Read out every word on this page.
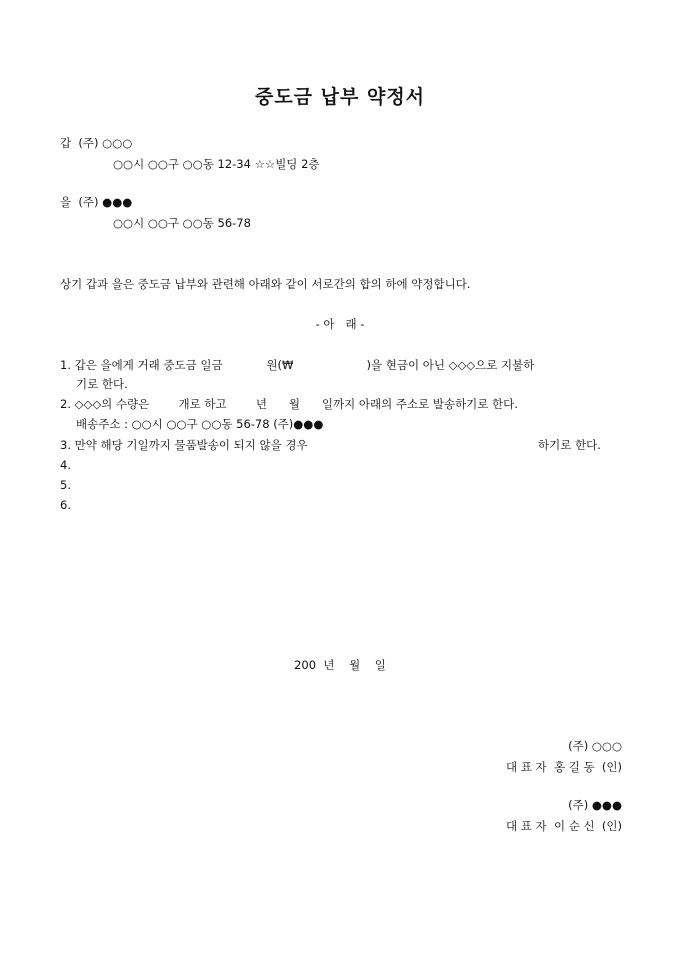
중도금 납부 약정서
갑  (주) ○○○
○○시 ○○구 ○○동 12-34 ☆☆빌딩 2층
을  (주) ●●●
○○시 ○○구 ○○동 56-78
상기 갑과 을은 중도금 납부와 관련해 아래와 같이 서로간의 합의 하에 약정합니다.
- 아   래 -
1. 갑은 을에게 거래 중도금 일금            원(₩                    )을 현금이 아닌 ◇◇◇으로 지불하
기로 한다.
2. ◇◇◇의 수량은        개로 하고        년      월      일까지 아래의 주소로 발송하기로 한다.
배송주소 : ○○시 ○○구 ○○동 56-78 (주)●●●
3. 만약 해당 기일까지 물품발송이 되지 않을 경우	하기로 한다.
4.
5.
6.
200  년    월    일
(주) ○○○
대 표 자  홍 길 동  (인)
(주) ●●●
대 표 자  이 순 신  (인)
